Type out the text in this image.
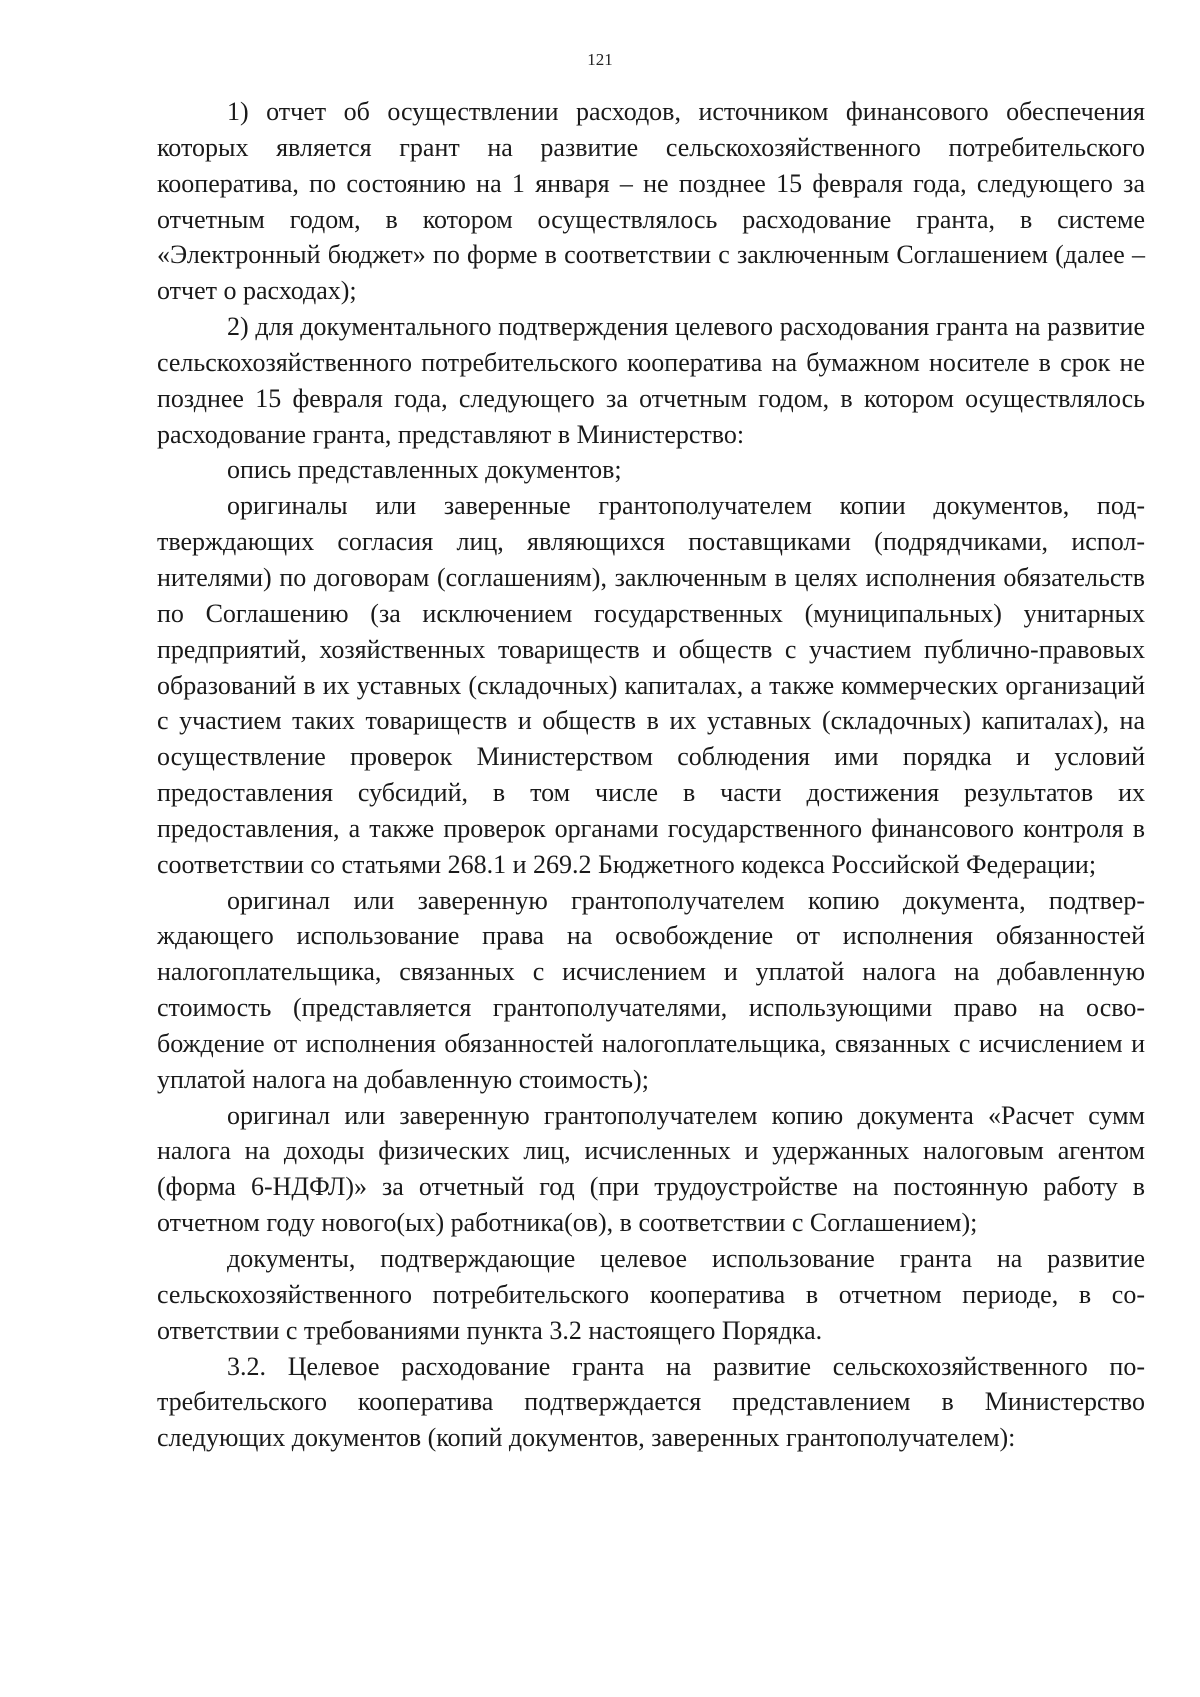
121

1) отчет об осуществлении расходов, источником финансового обеспечения которых является грант на развитие сельскохозяйственного потребительского кооператива, по состоянию на 1 января – не позднее 15 февраля года, следующего за отчетным годом, в котором осуществлялось расходование гранта, в системе «Электронный бюджет» по форме в соответствии с заключенным Соглашением (далее – отчет о расходах);

2) для документального подтверждения целевого расходования гранта на развитие сельскохозяйственного потребительского кооператива на бумажном носителе в срок не позднее 15 февраля года, следующего за отчетным годом, в котором осуществлялось расходование гранта, представляют в Министерство:

опись представленных документов;

оригиналы или заверенные грантополучателем копии документов, подтверждающих согласия лиц, являющихся поставщиками (подрядчиками, исполнителями) по договорам (соглашениям), заключенным в целях исполнения обязательств по Соглашению (за исключением государственных (муниципальных) унитарных предприятий, хозяйственных товариществ и обществ с участием публично-правовых образований в их уставных (складочных) капиталах, а также коммерческих организаций с участием таких товариществ и обществ в их уставных (складочных) капиталах), на осуществление проверок Министерством соблюдения ими порядка и условий предоставления субсидий, в том числе в части достижения результатов их предоставления, а также проверок органами государственного финансового контроля в соответствии со статьями 268.1 и 269.2 Бюджетного кодекса Российской Федерации;

оригинал или заверенную грантополучателем копию документа, подтверждающего использование права на освобождение от исполнения обязанностей налогоплательщика, связанных с исчислением и уплатой налога на добавленную стоимость (представляется грантополучателями, использующими право на освобождение от исполнения обязанностей налогоплательщика, связанных с исчислением и уплатой налога на добавленную стоимость);

оригинал или заверенную грантополучателем копию документа «Расчет сумм налога на доходы физических лиц, исчисленных и удержанных налоговым агентом (форма 6-НДФЛ)» за отчетный год (при трудоустройстве на постоянную работу в отчетном году нового(ых) работника(ов), в соответствии с Соглашением);

документы, подтверждающие целевое использование гранта на развитие сельскохозяйственного потребительского кооператива в отчетном периоде, в соответствии с требованиями пункта 3.2 настоящего Порядка.

3.2. Целевое расходование гранта на развитие сельскохозяйственного потребительского кооператива подтверждается представлением в Министерство следующих документов (копий документов, заверенных грантополучателем):
